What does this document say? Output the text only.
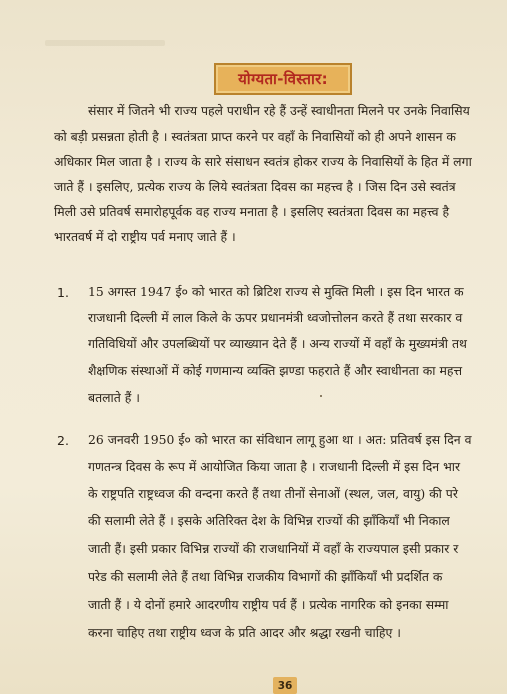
योग्यता-विस्तार:
संसार में जितने भी राज्य पहले पराधीन रहे हैं उन्हें स्वाधीनता मिलने पर उनके निवासिय
को बड़ी प्रसन्नता होती है । स्वतंत्रता प्राप्त करने पर वहाँ के निवासियों को ही अपने शासन क
अधिकार मिल जाता है । राज्य के सारे संसाधन स्वतंत्र होकर राज्य के निवासियों के हित में लगा
जाते हैं । इसलिए, प्रत्येक राज्य के लिये स्वतंत्रता दिवस का महत्त्व है । जिस दिन उसे स्वतंत्र
मिली उसे प्रतिवर्ष समारोहपूर्वक वह राज्य मनाता है । इसलिए स्वतंत्रता दिवस का महत्त्व है
भारतवर्ष में दो राष्ट्रीय पर्व मनाए जाते हैं ।
1. 15 अगस्त 1947 ई० को भारत को ब्रिटिश राज्य से मुक्ति मिली । इस दिन भारत क
राजधानी दिल्ली में लाल किले के ऊपर प्रधानमंत्री ध्वजोत्तोलन करते हैं तथा सरकार व
गतिविधियों और उपलब्धियों पर व्याख्यान देते हैं । अन्य राज्यों में वहाँ के मुख्यमंत्री तथ
शैक्षणिक संस्थाओं में कोई गणमान्य व्यक्ति झण्डा फहराते हैं और स्वाधीनता का महत्त
बतलाते हैं ।
2. 26 जनवरी 1950 ई० को भारत का संविधान लागू हुआ था । अत: प्रतिवर्ष इस दिन व
गणतन्त्र दिवस के रूप में आयोजित किया जाता है । राजधानी दिल्ली में इस दिन भार
के राष्ट्रपति राष्ट्रध्वज की वन्दना करते हैं तथा तीनों सेनाओं (स्थल, जल, वायु) की परे
की सलामी लेते हैं । इसके अतिरिक्त देश के विभिन्न राज्यों की झाँकियाँ भी निकाल
जाती हैं। इसी प्रकार विभिन्न राज्यों की राजधानियों में वहाँ के राज्यपाल इसी प्रकार र
परेड की सलामी लेते हैं तथा विभिन्न राजकीय विभागों की झाँकियाँ भी प्रदर्शित क
जाती हैं । ये दोनों हमारे आदरणीय राष्ट्रीय पर्व हैं । प्रत्येक नागरिक को इनका सम्मा
करना चाहिए तथा राष्ट्रीय ध्वज के प्रति आदर और श्रद्धा रखनी चाहिए ।
36
